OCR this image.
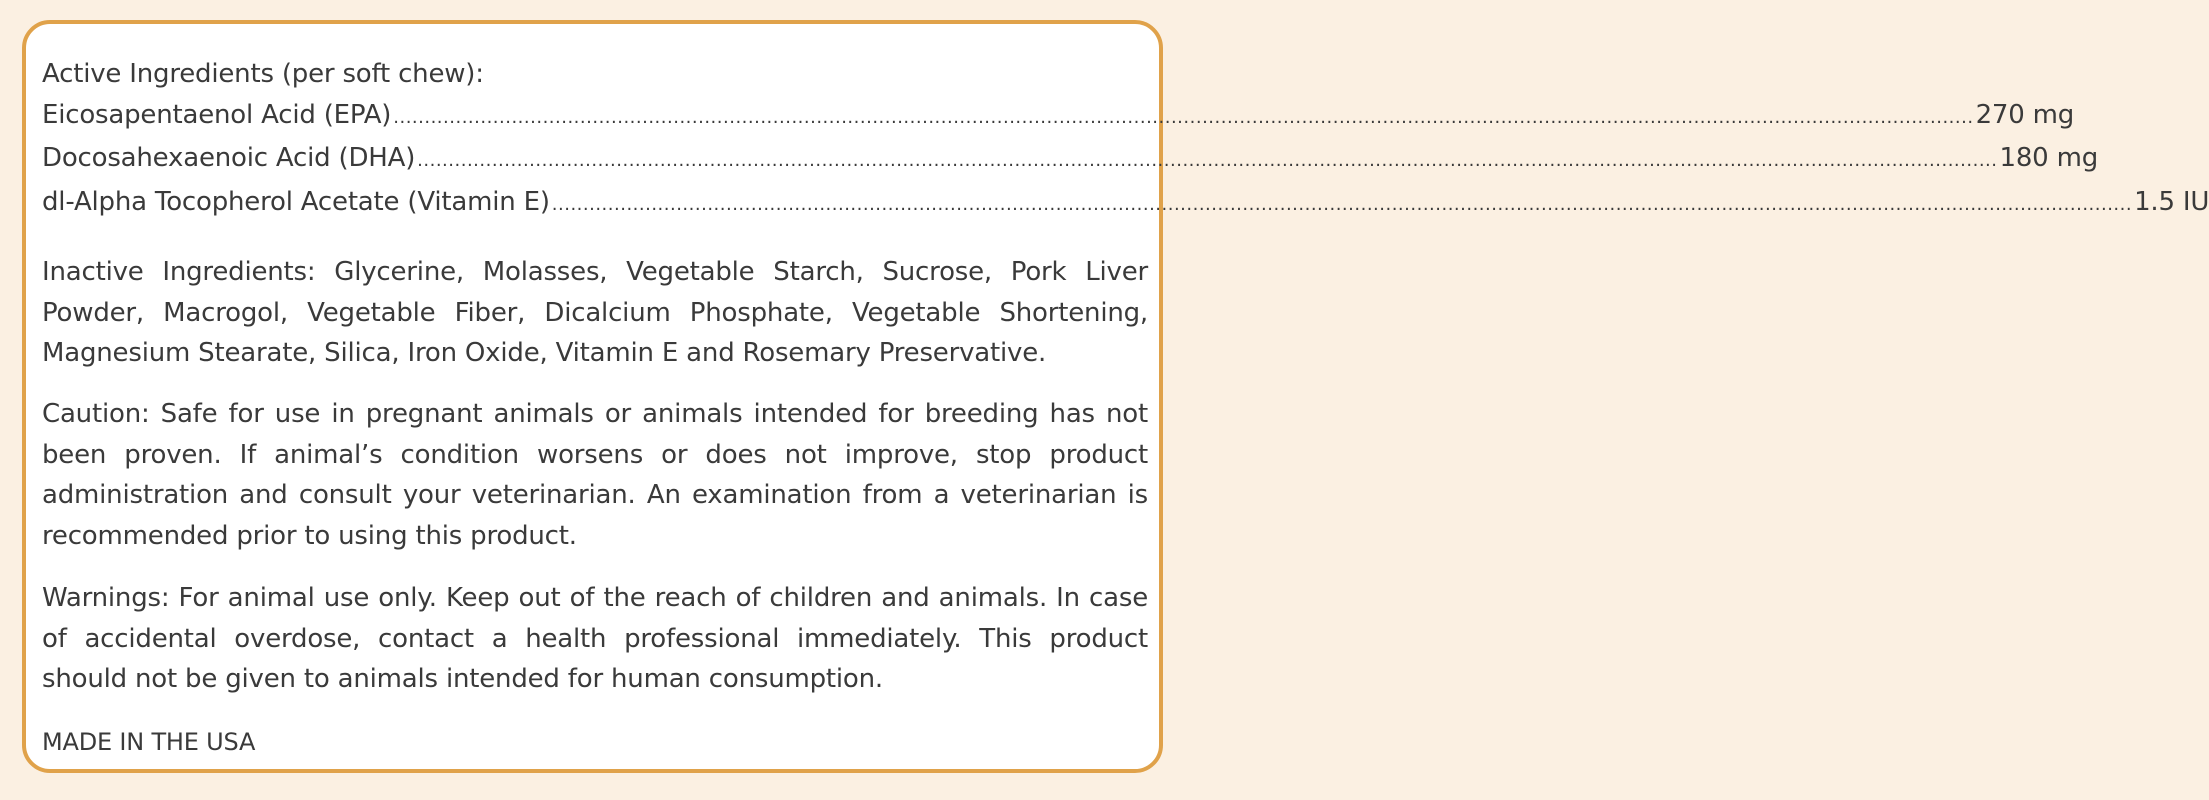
Active Ingredients (per soft chew):
Eicosapentaenol Acid (EPA) .............................................................................................................................................................................................................................................................. 270 mg
Docosahexaenoic Acid (DHA) .............................................................................................................................................................................................................................................................. 180 mg
dl-Alpha Tocopherol Acetate (Vitamin E) .............................................................................................................................................................................................................................................................. 1.5 IU
Inactive Ingredients: Glycerine, Molasses, Vegetable Starch, Sucrose, Pork Liver Powder, Macrogol, Vegetable Fiber, Dicalcium Phosphate, Vegetable Shortening, Magnesium Stearate, Silica, Iron Oxide, Vitamin E and Rosemary Preservative.
Caution: Safe for use in pregnant animals or animals intended for breeding has not been proven. If animal’s condition worsens or does not improve, stop product administration and consult your veterinarian. An examination from a veterinarian is recommended prior to using this product.
Warnings: For animal use only. Keep out of the reach of children and animals. In case of accidental overdose, contact a health professional immediately. This product should not be given to animals intended for human consumption.
MADE IN THE USA
